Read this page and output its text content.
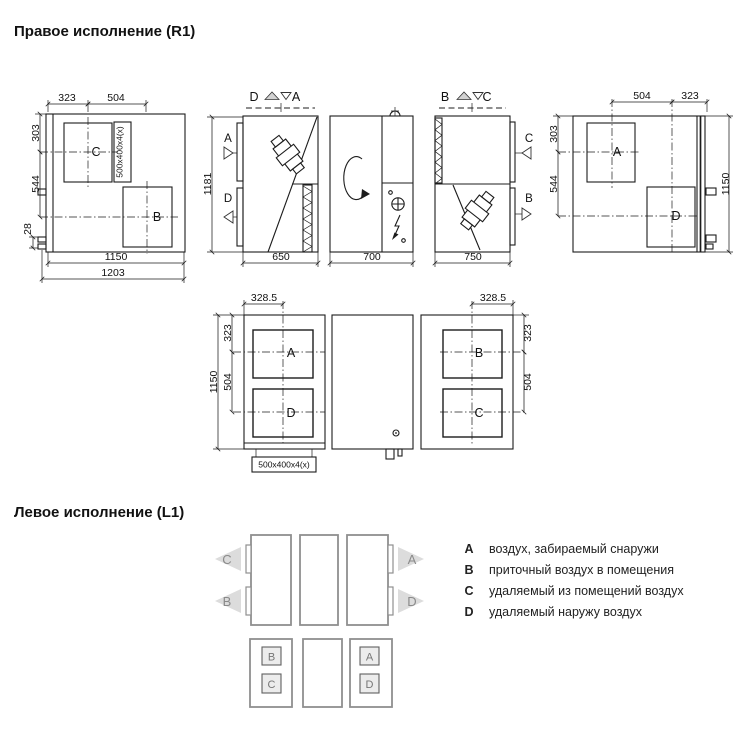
Правое исполнение (R1)
Левое исполнение (L1)
C
B
500x400x4(x)
323	504
303
544
28
1150
1203
D	A
A
D
1181
650	700
B	C
C
B
750
A
D
504	323
303
544	1150
A
D
328.5
1150
323
504
500x400x4(x)
B
C
328.5
323
504
C
B
A
D
B
C
A
D
A воздух, забираемый снаружи
B приточный воздух в помещения
C удаляемый из помещений воздух
D удаляемый наружу воздух
